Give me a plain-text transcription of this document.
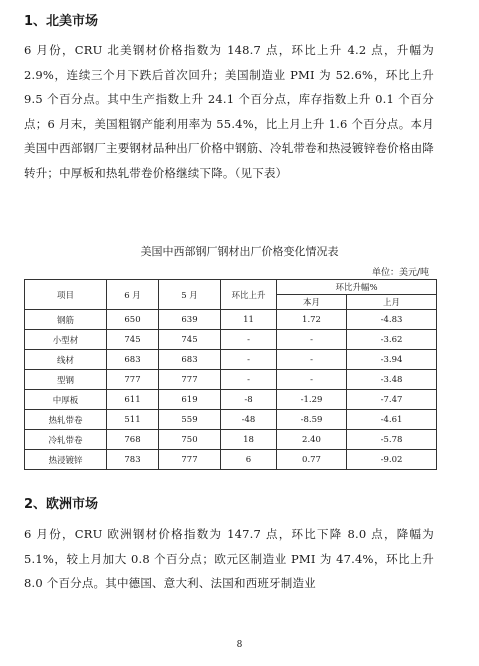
1、北美市场
6 月份，CRU 北美钢材价格指数为 148.7 点，环比上升 4.2 点，升幅为 2.9%，连续三个月下跌后首次回升；美国制造业 PMI 为 52.6%，环比上升 9.5 个百分点。其中生产指数上升 24.1 个百分点，库存指数上升 0.1 个百分点；6 月末，美国粗钢产能利用率为 55.4%，比上月上升 1.6 个百分点。本月美国中西部钢厂主要钢材品种出厂价格中钢筋、冷轧带卷和热浸镀锌卷价格由降转升；中厚板和热轧带卷价格继续下降。（见下表）
美国中西部钢厂钢材出厂价格变化情况表
单位：美元/吨
项目	6 月	5 月	环比上升	环比升幅%	
				本月	上月
钢筋	650	639	11	1.72	-4.83
小型材	745	745	-	-	-3.62
线材	683	683	-	-	-3.94
型钢	777	777	-	-	-3.48
中厚板	611	619	-8	-1.29	-7.47
热轧带卷	511	559	-48	-8.59	-4.61
冷轧带卷	768	750	18	2.40	-5.78
热浸镀锌	783	777	6	0.77	-9.02
2、欧洲市场
6 月份，CRU 欧洲钢材价格指数为 147.7 点，环比下降 8.0 点，降幅为 5.1%，较上月加大 0.8 个百分点；欧元区制造业 PMI 为 47.4%，环比上升 8.0 个百分点。其中德国、意大利、法国和西班牙制造业
8
